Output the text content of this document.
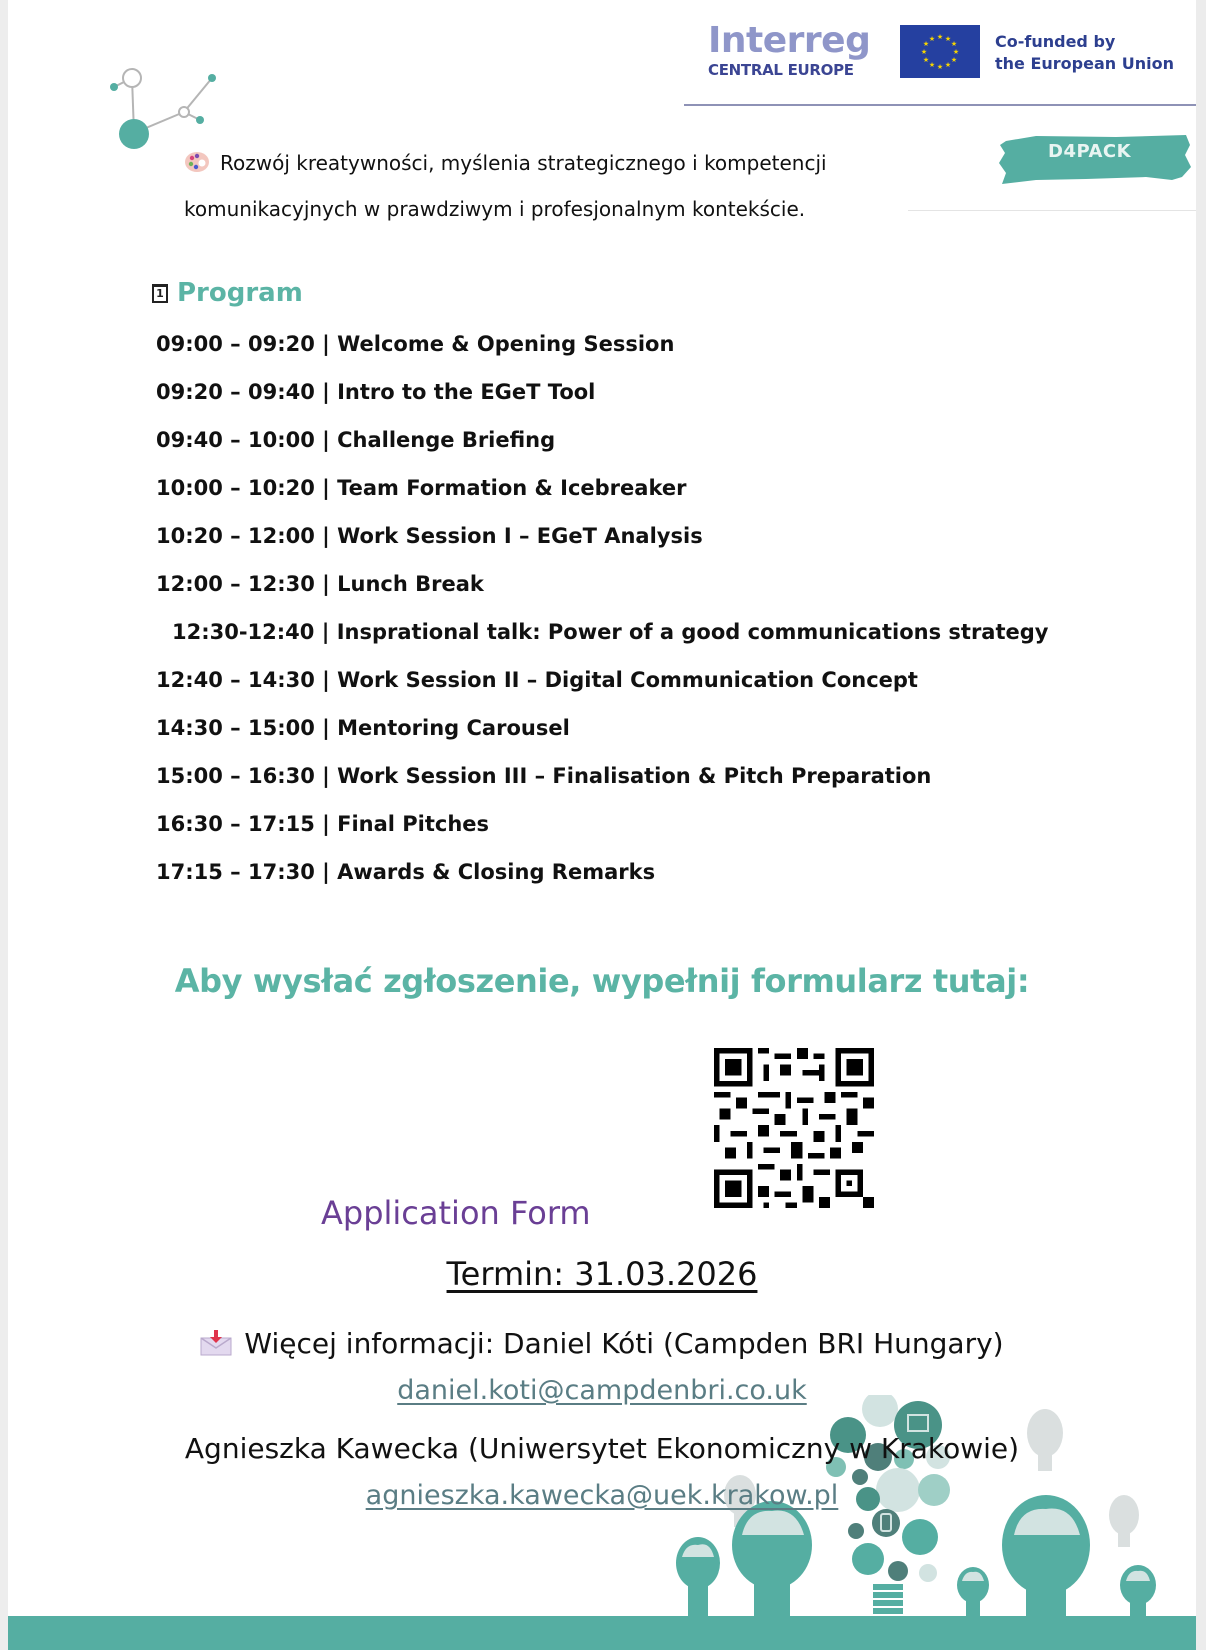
Interreg
CENTRAL EUROPE
★ ★
★
★
★
★
★
★
★
★
★
★	Co-funded by
the European Union
D4PACK
Rozwój kreatywności, myślenia strategicznego i kompetencji komunikacyjnych w prawdziwym i profesjonalnym kontekście.
1 Program
09:00 – 09:20 | Welcome & Opening Session
09:20 – 09:40 | Intro to the EGeT Tool
09:40 – 10:00 | Challenge Briefing
10:00 – 10:20 | Team Formation & Icebreaker
10:20 – 12:00 | Work Session I – EGeT Analysis
12:00 – 12:30 | Lunch Break
12:30-12:40 | Insprational talk: Power of a good communications strategy
12:40 – 14:30 | Work Session II – Digital Communication Concept
14:30 – 15:00 | Mentoring Carousel
15:00 – 16:30 | Work Session III – Finalisation & Pitch Preparation
16:30 – 17:15 | Final Pitches
17:15 – 17:30 | Awards & Closing Remarks
Aby wysłać zgłoszenie, wypełnij formularz tutaj:
Application Form
Termin: 31.03.2026
Więcej informacji: Daniel Kóti (Campden BRI Hungary)
daniel.koti@campdenbri.co.uk
Agnieszka Kawecka (Uniwersytet Ekonomiczny w Krakowie)
agnieszka.kawecka@uek.krakow.pl
